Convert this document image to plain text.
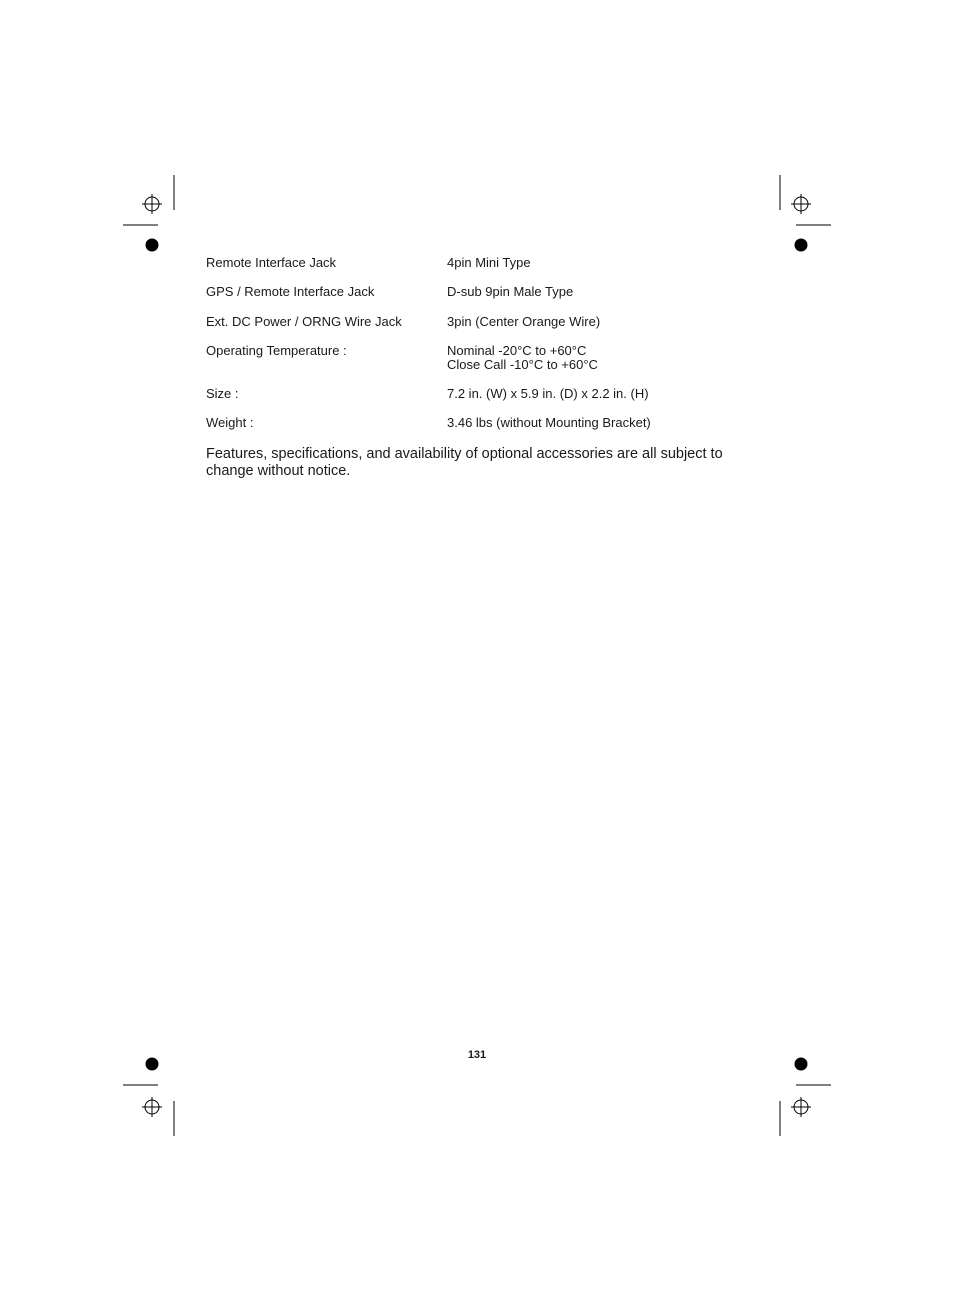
Remote Interface Jack	4pin Mini Type
GPS / Remote Interface Jack	D-sub 9pin Male Type
Ext. DC Power / ORNG Wire Jack	3pin (Center Orange Wire)
Operating Temperature :	Nominal -20°C to +60°C
Close Call -10°C to +60°C
Size :	7.2 in. (W) x 5.9 in. (D) x 2.2 in. (H)
Weight :	3.46 lbs (without Mounting Bracket)

Features, specifications, and availability of optional accessories are all subject to change without notice.

131
